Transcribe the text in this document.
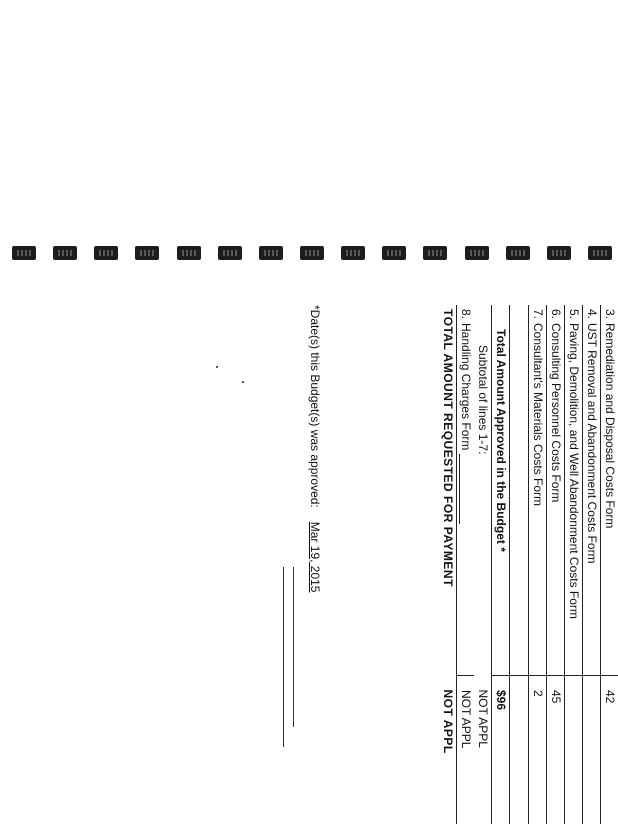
3.Remediation and Disposal Costs Form	42
4.UST Removal and Abandonment Costs Form	
5.Paving, Demolition, and Well Abandonment Costs Form	
6.Consulting Personnel Costs Form	45
7.Consultant's Materials Costs Form	2

Total Amount Approved in the Budget *	$96
Subtotal of lines 1-7:	NOT APPL
8.Handling Charges Form	NOT APPL
TOTAL AMOUNT REQUESTED FOR PAYMENT	NOT APPL
*Date(s) this Budget(s) was approved:Mar 19, 2015
